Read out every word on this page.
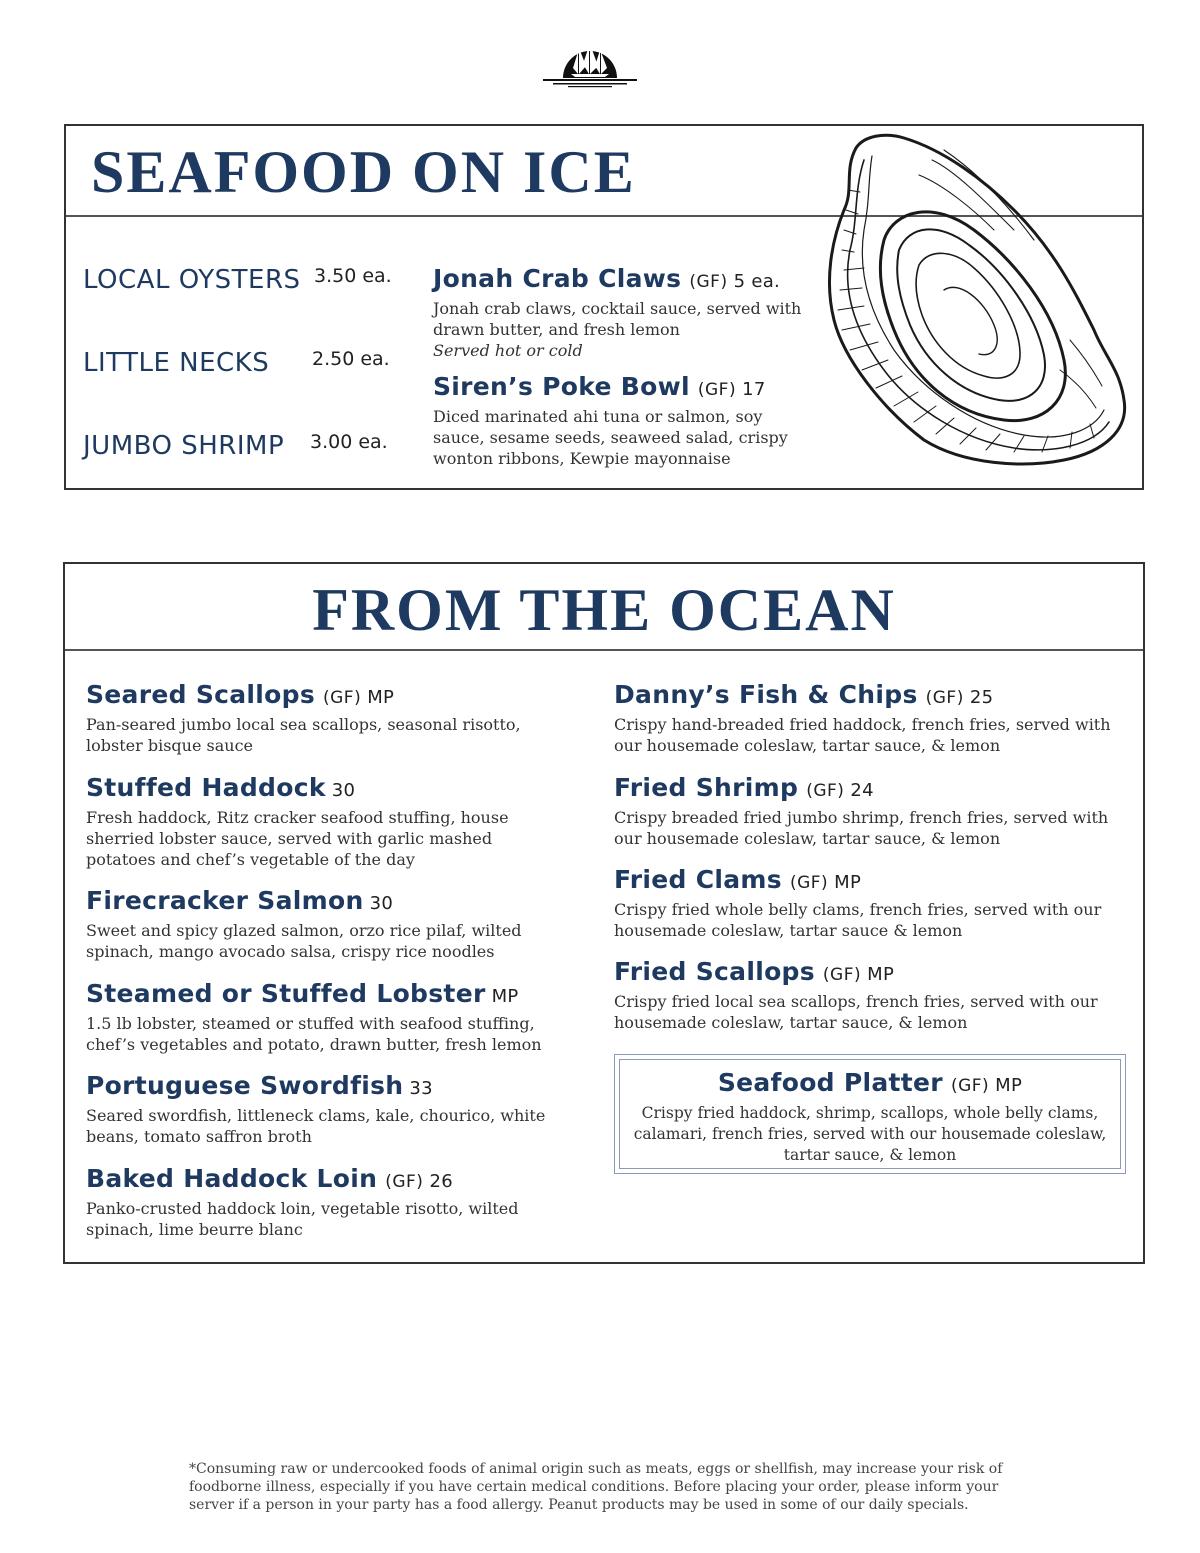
SEAFOOD ON ICE
LOCAL OYSTERS 3.50 ea.
LITTLE NECKS 2.50 ea.
JUMBO SHRIMP 3.00 ea.
Jonah Crab Claws (GF) 5 ea.

Jonah crab claws, cocktail sauce, served with drawn butter, and fresh lemon

Served hot or cold
Siren’s Poke Bowl (GF) 17

Diced marinated ahi tuna or salmon, soy sauce, sesame seeds, seaweed salad, crispy wonton ribbons, Kewpie mayonnaise

FROM THE OCEAN
Seared Scallops (GF) MP

Pan-seared jumbo local sea scallops, seasonal risotto, lobster bisque sauce

Stuffed Haddock 30

Fresh haddock, Ritz cracker seafood stuffing, house sherried lobster sauce, served with garlic mashed potatoes and chef’s vegetable of the day

Firecracker Salmon 30

Sweet and spicy glazed salmon, orzo rice pilaf, wilted spinach, mango avocado salsa, crispy rice noodles

Steamed or Stuffed Lobster MP

1.5 lb lobster, steamed or stuffed with seafood stuffing, chef’s vegetables and potato, drawn butter, fresh lemon

Portuguese Swordfish 33

Seared swordfish, littleneck clams, kale, chourico, white beans, tomato saffron broth

Baked Haddock Loin (GF) 26

Panko-crusted haddock loin, vegetable risotto, wilted spinach, lime beurre blanc

Danny’s Fish & Chips (GF) 25

Crispy hand-breaded fried haddock, french fries, served with our housemade coleslaw, tartar sauce, & lemon

Fried Shrimp (GF) 24

Crispy breaded fried jumbo shrimp, french fries, served with our housemade coleslaw, tartar sauce, & lemon

Fried Clams (GF) MP

Crispy fried whole belly clams, french fries, served with our housemade coleslaw, tartar sauce & lemon

Fried Scallops (GF) MP

Crispy fried local sea scallops, french fries, served with our housemade coleslaw, tartar sauce, & lemon

Seafood Platter (GF) MP

Crispy fried haddock, shrimp, scallops, whole belly clams, calamari, french fries, served with our housemade coleslaw, tartar sauce, & lemon

*Consuming raw or undercooked foods of animal origin such as meats, eggs or shellfish, may increase your risk of foodborne illness, especially if you have certain medical conditions. Before placing your order, please inform your server if a person in your party has a food allergy. Peanut products may be used in some of our daily specials.
